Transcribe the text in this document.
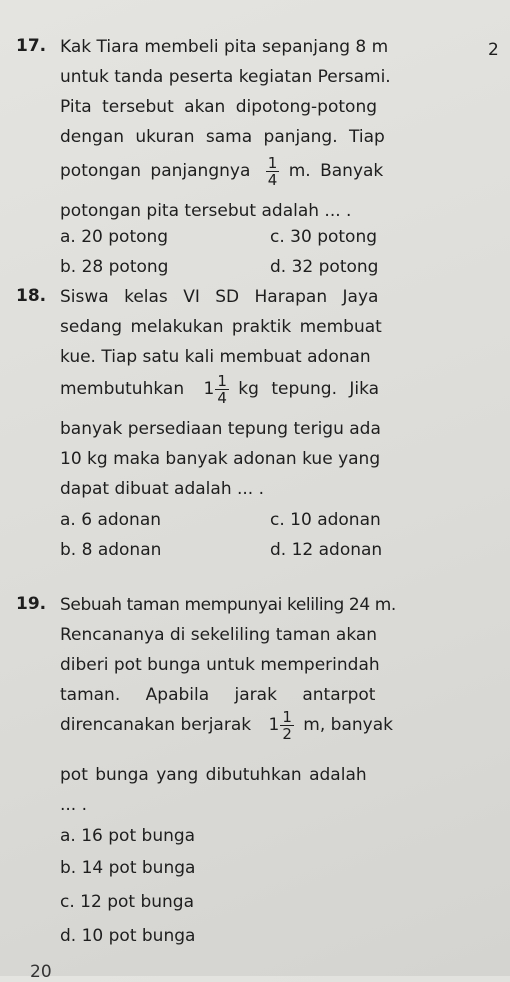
17. Kak Tiara membeli pita sepanjang 8 m
untuk tanda peserta kegiatan Persami.
Pita tersebut akan dipotong-potong
dengan ukuran sama panjang. Tiap
potongan panjangnya $\frac{1}{4} m$. Banyak
potongan pita tersebut adalah ... .
a. 20 potong
b. 28 potong
c. 30 potong
d. 32 potong
18. Siswa kelas VI SD Harapan Jaya
sedang melakukan praktik membuat
kue. Tiap satu kali membuat adonan
membutuhkan $1 \frac{1}{4}$ kg tepung. Jika
banyak persediaan tepung terigu ada
10 kg maka banyak adonan kue yang
dapat dibuat adalah ... .
a. 6 adonan
b. 8 adonan
c. 10 adonan
d. 12 adonan
19. Sebuah taman mempunyai keliling 24 m.
Rencananya di sekeliling taman akan
diberi pot bunga untuk memperindah
taman. Apabila jarak antarpot
direncanakan berjarak $1 \frac{1}{2} m$, banyak
pot bunga yang dibutuhkan adalah
... .
a. 16 pot bunga
b. 14 pot bunga
c. 12 pot bunga
d. 10 pot bunga
2
20
